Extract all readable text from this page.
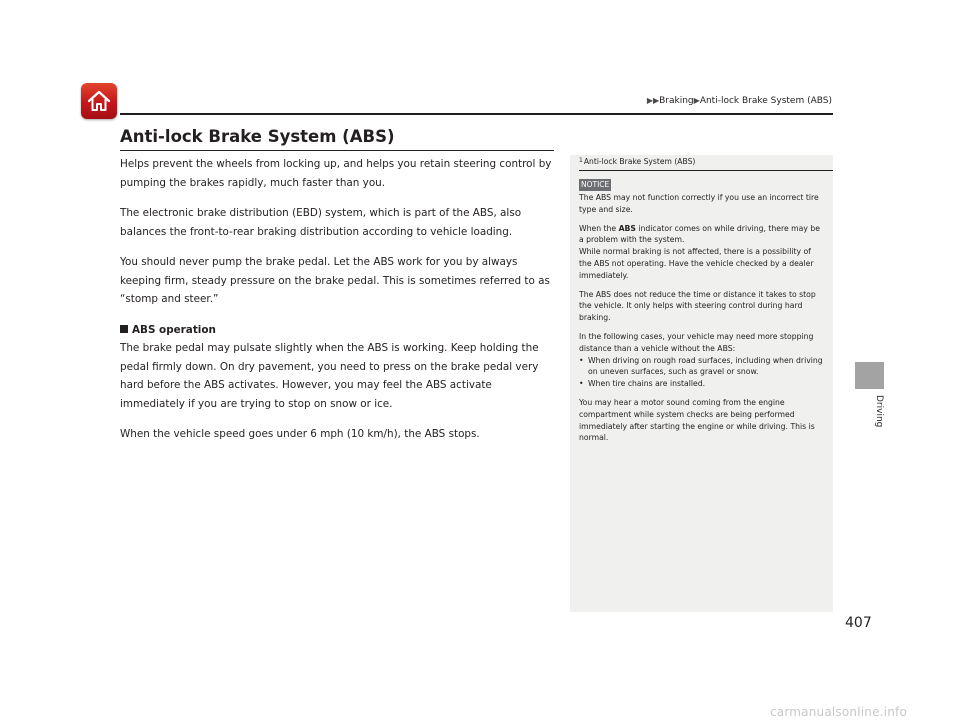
▶▶Braking▶Anti-lock Brake System (ABS)
Driving
Anti-lock Brake System (ABS)

Helps prevent the wheels from locking up, and helps you retain steering control by pumping the brakes rapidly, much faster than you.

The electronic brake distribution (EBD) system, which is part of the ABS, also balances the front-to-rear braking distribution according to vehicle loading.

You should never pump the brake pedal. Let the ABS work for you by always keeping firm, steady pressure on the brake pedal. This is sometimes referred to as “stomp and steer.”

ABS operation

The brake pedal may pulsate slightly when the ABS is working. Keep holding the pedal firmly down. On dry pavement, you need to press on the brake pedal very hard before the ABS activates. However, you may feel the ABS activate immediately if you are trying to stop on snow or ice.

When the vehicle speed goes under 6 mph (10 km/h), the ABS stops.

$^1$Anti-lock Brake System (ABS)
NOTICE

The ABS may not function correctly if you use an incorrect tire type and size.

When the ABS indicator comes on while driving, there may be a problem with the system.

While normal braking is not affected, there is a possibility of the ABS not operating. Have the vehicle checked by a dealer immediately.

The ABS does not reduce the time or distance it takes to stop the vehicle. It only helps with steering control during hard braking.

In the following cases, your vehicle may need more stopping distance than a vehicle without the ABS:

• When driving on rough road surfaces, including when driving on uneven surfaces, such as gravel or snow.

• When tire chains are installed.

You may hear a motor sound coming from the engine compartment while system checks are being performed immediately after starting the engine or while driving. This is normal.

407
carmanualsonline.info
